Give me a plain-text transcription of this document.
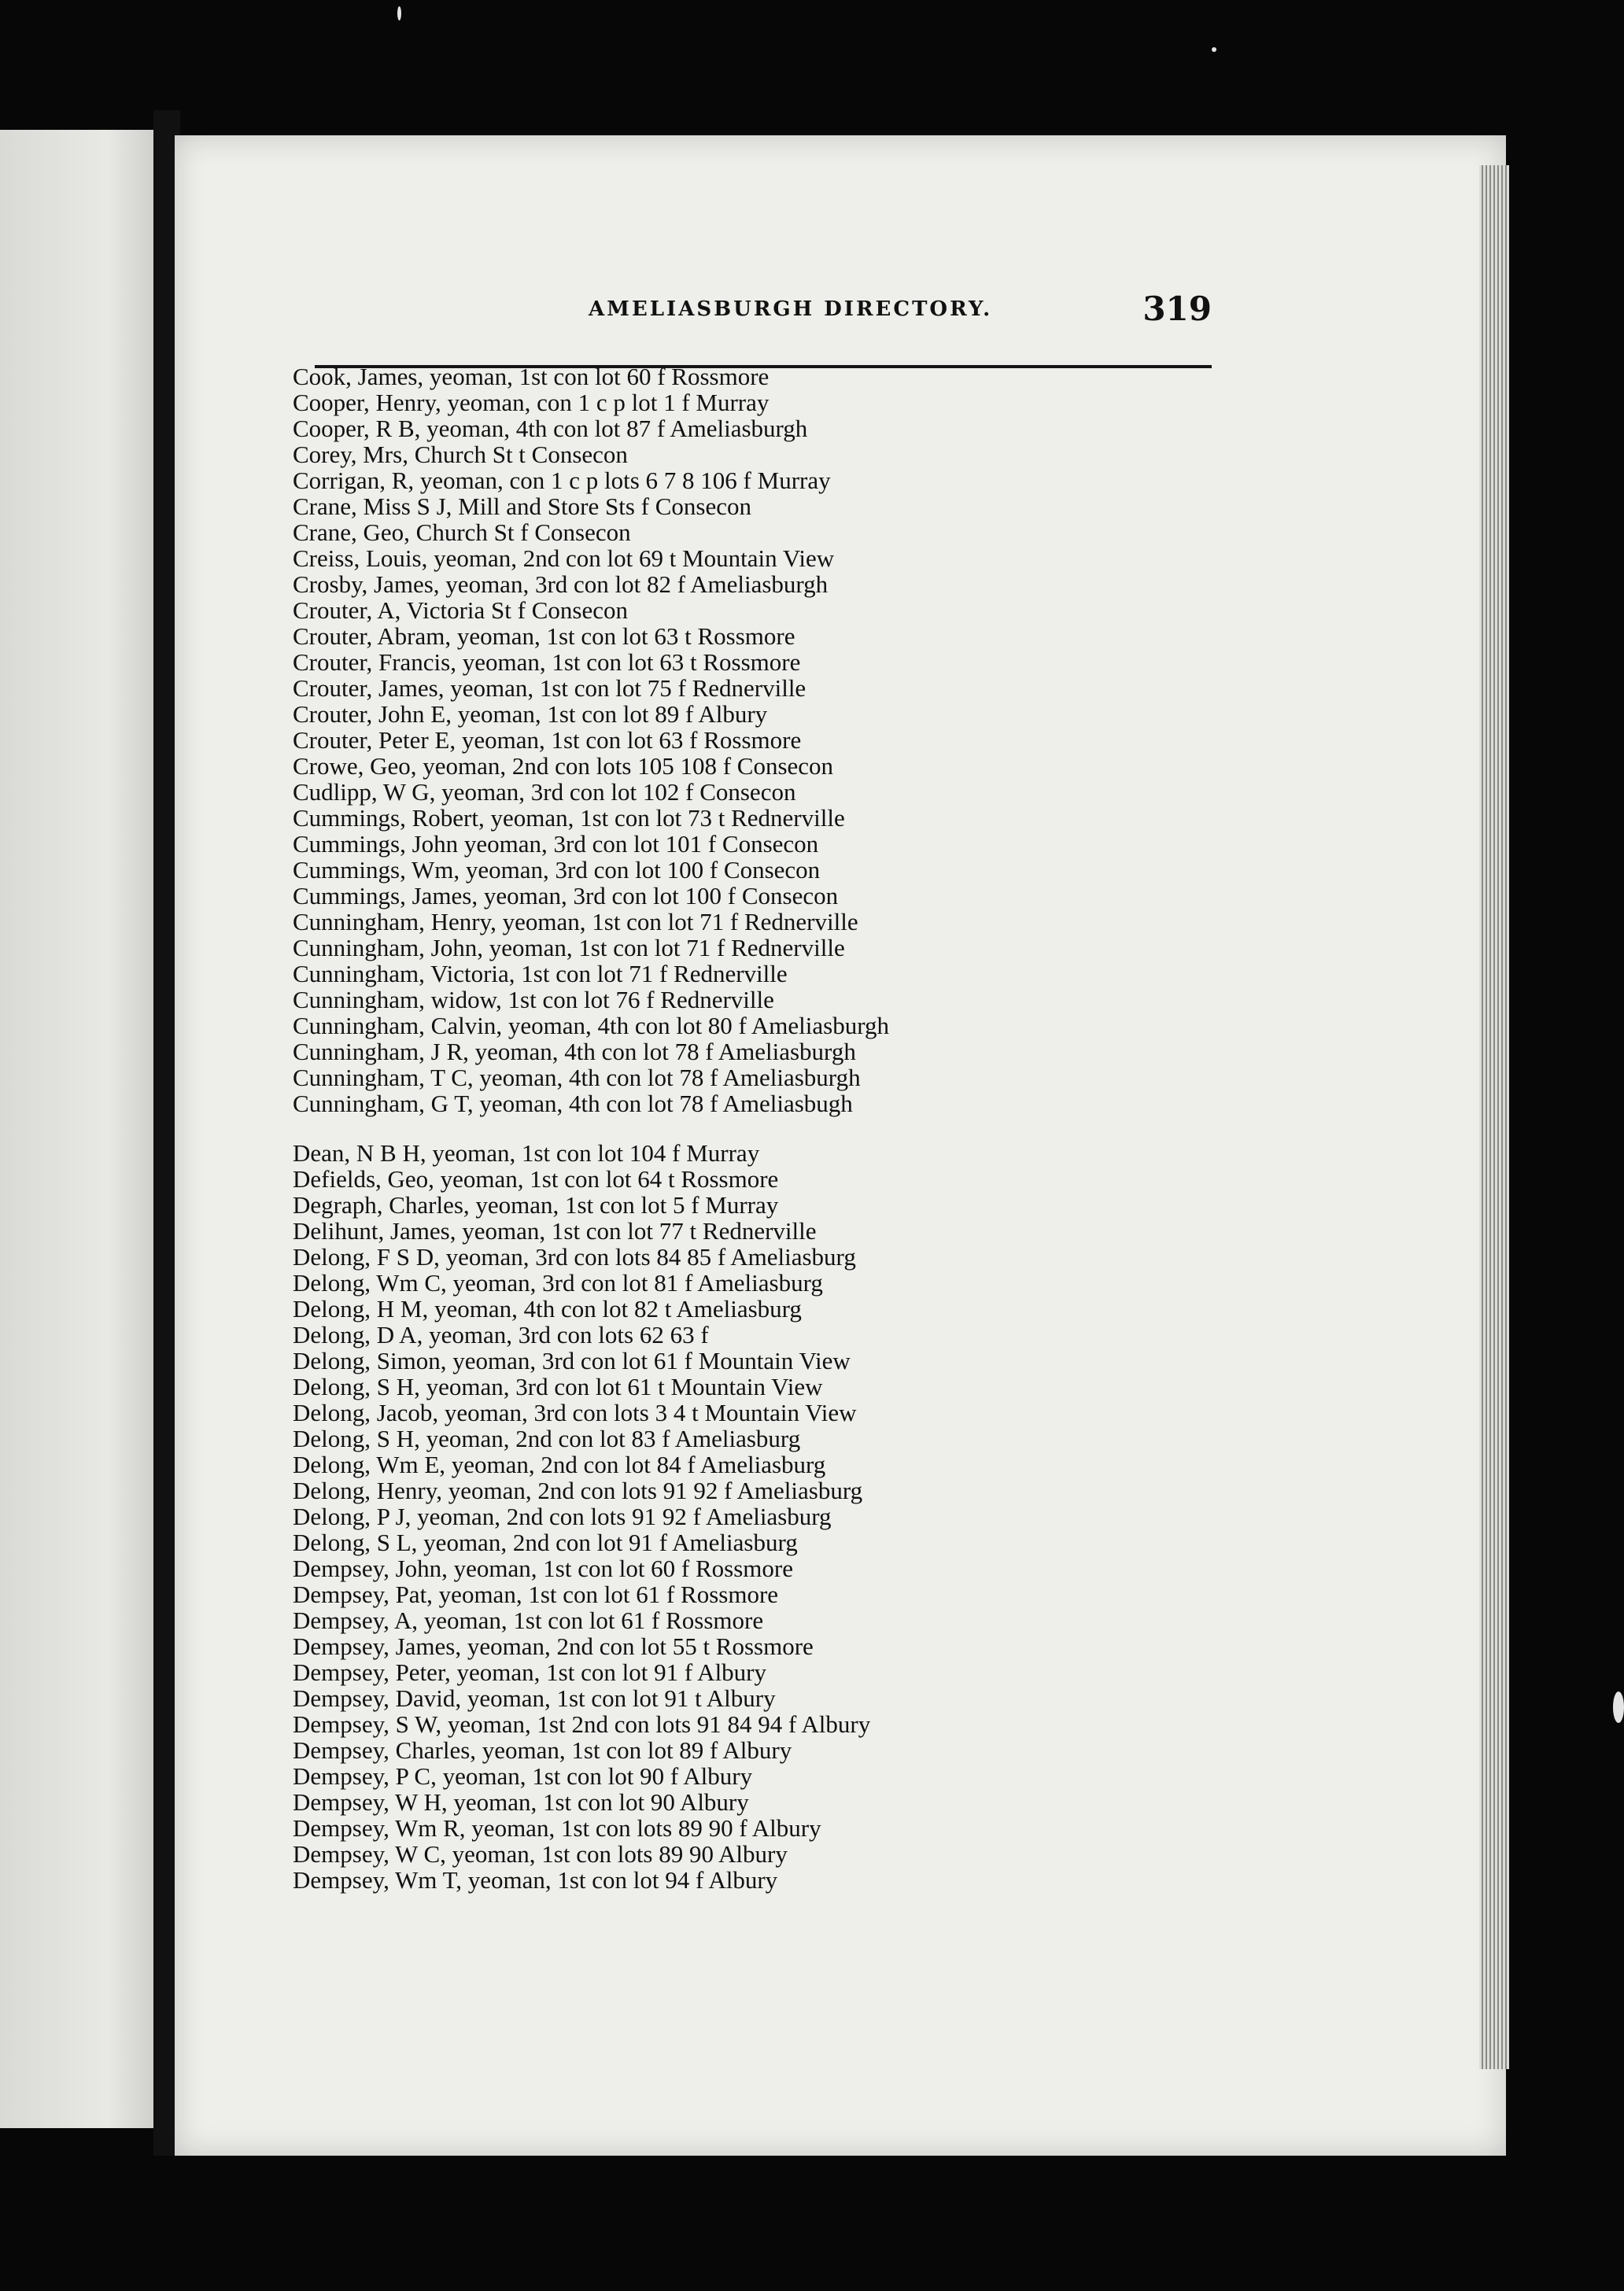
AMELIASBURGH DIRECTORY.	319
Cook, James, yeoman, 1st con lot 60 f Rossmore
Cooper, Henry, yeoman, con 1 c p lot 1 f Murray
Cooper, R B, yeoman, 4th con lot 87 f Ameliasburgh
Corey, Mrs, Church St t Consecon
Corrigan, R, yeoman, con 1 c p lots 6 7 8 106 f Murray
Crane, Miss S J, Mill and Store Sts f Consecon
Crane, Geo, Church St f Consecon
Creiss, Louis, yeoman, 2nd con lot 69 t Mountain View
Crosby, James, yeoman, 3rd con lot 82 f Ameliasburgh
Crouter, A, Victoria St f Consecon
Crouter, Abram, yeoman, 1st con lot 63 t Rossmore
Crouter, Francis, yeoman, 1st con lot 63 t Rossmore
Crouter, James, yeoman, 1st con lot 75 f Rednerville
Crouter, John E, yeoman, 1st con lot 89 f Albury
Crouter, Peter E, yeoman, 1st con lot 63 f Rossmore
Crowe, Geo, yeoman, 2nd con lots 105 108 f Consecon
Cudlipp, W G, yeoman, 3rd con lot 102 f Consecon
Cummings, Robert, yeoman, 1st con lot 73 t Rednerville
Cummings, John yeoman, 3rd con lot 101 f Consecon
Cummings, Wm, yeoman, 3rd con lot 100 f Consecon
Cummings, James, yeoman, 3rd con lot 100 f Consecon
Cunningham, Henry, yeoman, 1st con lot 71 f Rednerville
Cunningham, John, yeoman, 1st con lot 71 f Rednerville
Cunningham, Victoria, 1st con lot 71 f Rednerville
Cunningham, widow, 1st con lot 76 f Rednerville
Cunningham, Calvin, yeoman, 4th con lot 80 f Ameliasburgh
Cunningham, J R, yeoman, 4th con lot 78 f Ameliasburgh
Cunningham, T C, yeoman, 4th con lot 78 f Ameliasburgh
Cunningham, G T, yeoman, 4th con lot 78 f Ameliasbugh
Dean, N B H, yeoman, 1st con lot 104 f Murray
Defields, Geo, yeoman, 1st con lot 64 t Rossmore
Degraph, Charles, yeoman, 1st con lot 5 f Murray
Delihunt, James, yeoman, 1st con lot 77 t Rednerville
Delong, F S D, yeoman, 3rd con lots 84 85 f Ameliasburg
Delong, Wm C, yeoman, 3rd con lot 81 f Ameliasburg
Delong, H M, yeoman, 4th con lot 82 t Ameliasburg
Delong, D A, yeoman, 3rd con lots 62 63 f
Delong, Simon, yeoman, 3rd con lot 61 f Mountain View
Delong, S H, yeoman, 3rd con lot 61 t Mountain View
Delong, Jacob, yeoman, 3rd con lots 3 4 t Mountain View
Delong, S H, yeoman, 2nd con lot 83 f Ameliasburg
Delong, Wm E, yeoman, 2nd con lot 84 f Ameliasburg
Delong, Henry, yeoman, 2nd con lots 91 92 f Ameliasburg
Delong, P J, yeoman, 2nd con lots 91 92 f Ameliasburg
Delong, S L, yeoman, 2nd con lot 91 f Ameliasburg
Dempsey, John, yeoman, 1st con lot 60 f Rossmore
Dempsey, Pat, yeoman, 1st con lot 61 f Rossmore
Dempsey, A, yeoman, 1st con lot 61 f Rossmore
Dempsey, James, yeoman, 2nd con lot 55 t Rossmore
Dempsey, Peter, yeoman, 1st con lot 91 f Albury
Dempsey, David, yeoman, 1st con lot 91 t Albury
Dempsey, S W, yeoman, 1st 2nd con lots 91 84 94 f Albury
Dempsey, Charles, yeoman, 1st con lot 89 f Albury
Dempsey, P C, yeoman, 1st con lot 90 f Albury
Dempsey, W H, yeoman, 1st con lot 90 Albury
Dempsey, Wm R, yeoman, 1st con lots 89 90 f Albury
Dempsey, W C, yeoman, 1st con lots 89 90 Albury
Dempsey, Wm T, yeoman, 1st con lot 94 f Albury
